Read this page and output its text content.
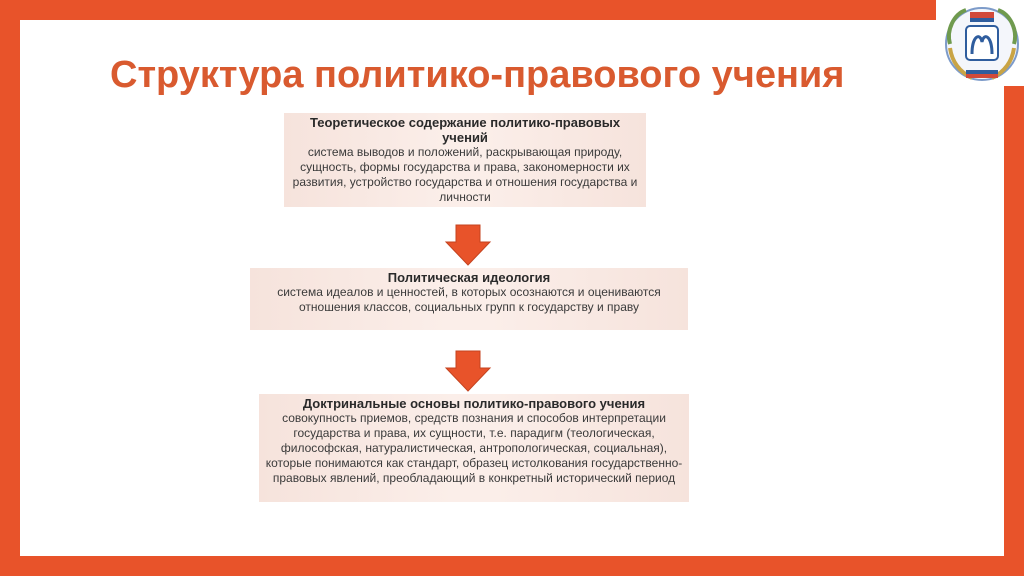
Структура политико-правового учения
Теоретическое содержание политико-правовых учений
система выводов и положений, раскрывающая природу, сущность, формы государства и права, закономерности их развития, устройство государства и отношения государства и личности
Политическая идеология
система идеалов и ценностей, в которых осознаются и оцениваются отношения классов, социальных групп к государству и праву
Доктринальные основы политико-правового учения
совокупность приемов, средств познания и способов интерпретации государства и права, их сущности, т.е. парадигм (теологическая, философская, натуралистическая, антропологическая, социальная), которые понимаются как стандарт, образец истолкования государственно-правовых явлений, преобладающий в конкретный исторический период
